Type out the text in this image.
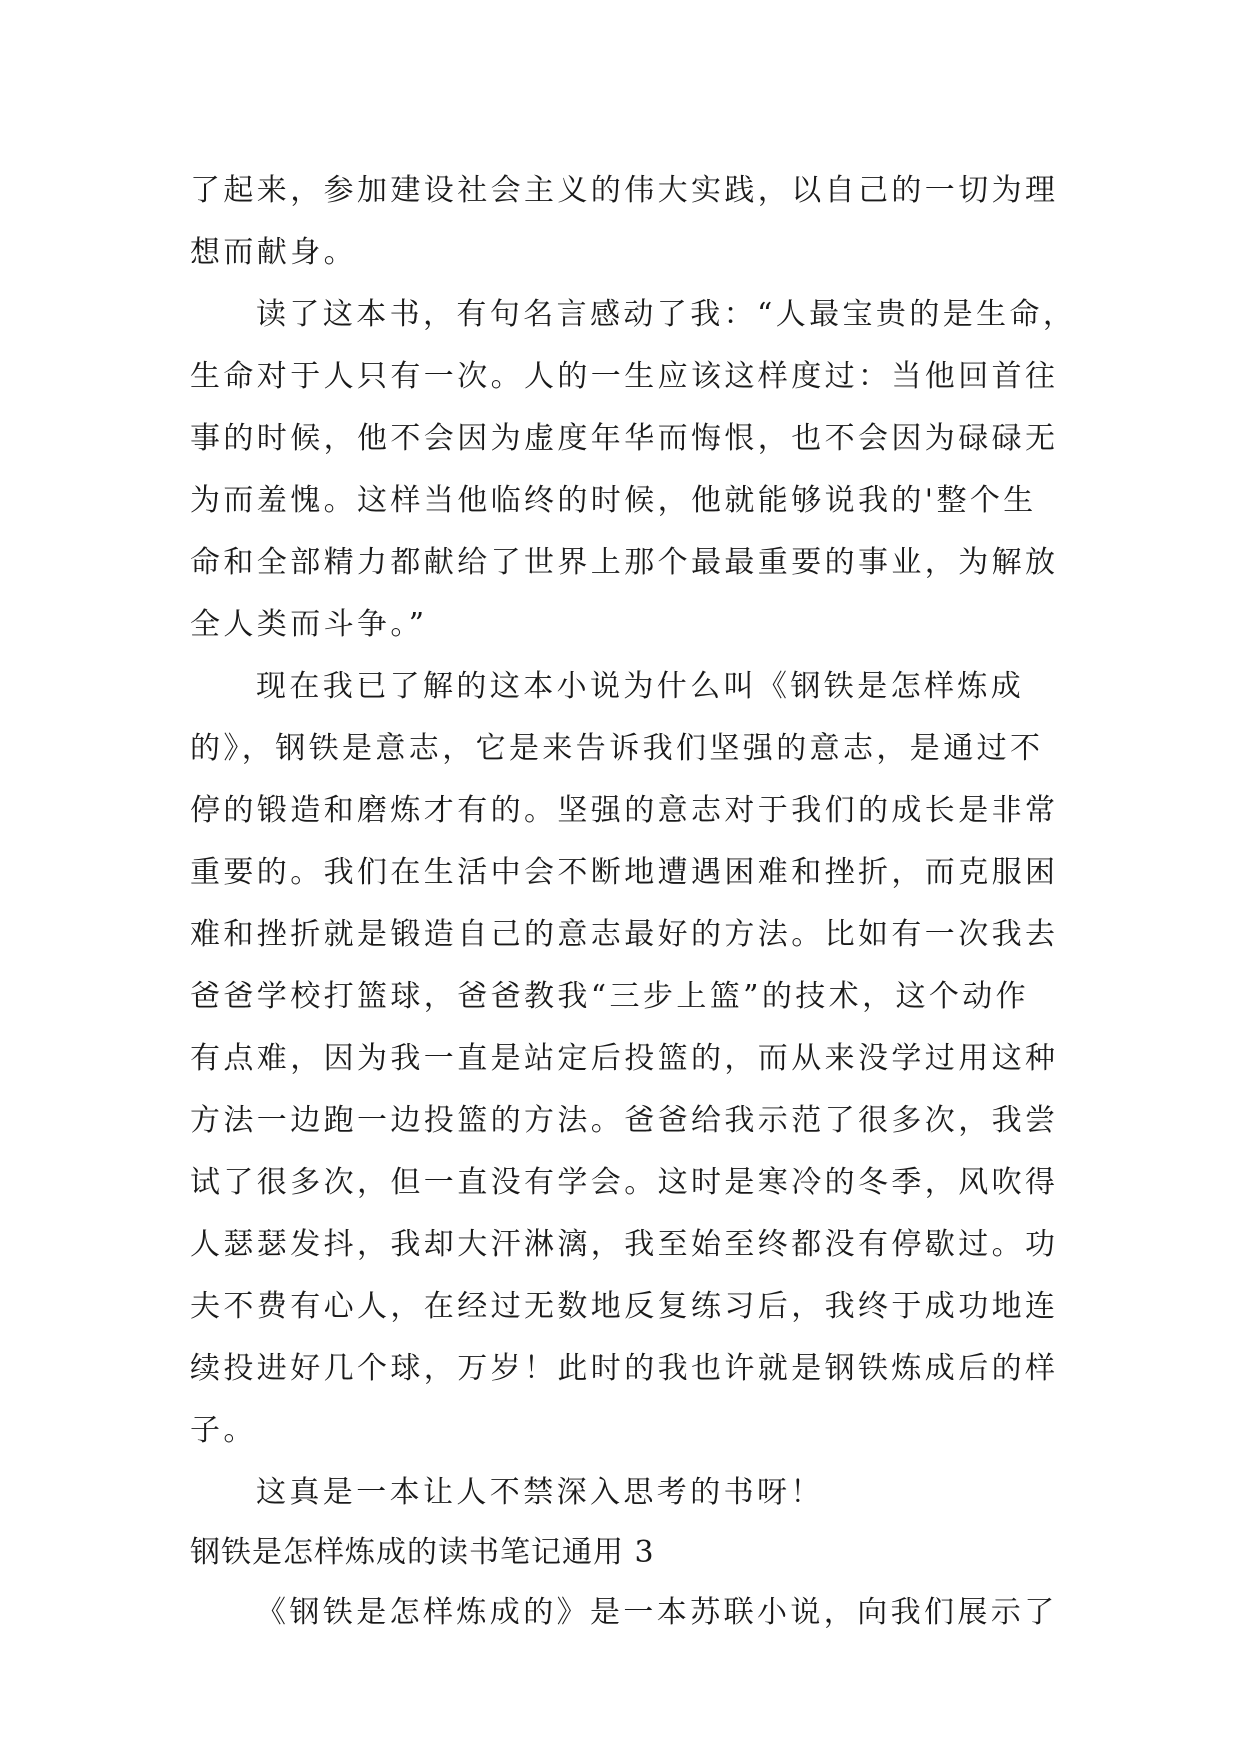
了起来，参加建设社会主义的伟大实践，以自己的一切为理
想而献身。
读了这本书，有句名言感动了我：“人最宝贵的是生命，
生命对于人只有一次。人的一生应该这样度过：当他回首往
事的时候，他不会因为虚度年华而悔恨，也不会因为碌碌无
为而羞愧。这样当他临终的时候，他就能够说我的'整个生
命和全部精力都献给了世界上那个最最重要的事业，为解放
全人类而斗争。”
现在我已了解的这本小说为什么叫《钢铁是怎样炼成
的》，钢铁是意志，它是来告诉我们坚强的意志，是通过不
停的锻造和磨炼才有的。坚强的意志对于我们的成长是非常
重要的。我们在生活中会不断地遭遇困难和挫折，而克服困
难和挫折就是锻造自己的意志最好的方法。比如有一次我去
爸爸学校打篮球，爸爸教我“三步上篮”的技术，这个动作
有点难，因为我一直是站定后投篮的，而从来没学过用这种
方法一边跑一边投篮的方法。爸爸给我示范了很多次，我尝
试了很多次，但一直没有学会。这时是寒冷的冬季，风吹得
人瑟瑟发抖，我却大汗淋漓，我至始至终都没有停歇过。功
夫不费有心人，在经过无数地反复练习后，我终于成功地连
续投进好几个球，万岁！此时的我也许就是钢铁炼成后的样
子。
这真是一本让人不禁深入思考的书呀！
钢铁是怎样炼成的读书笔记通用 3
《钢铁是怎样炼成的》是一本苏联小说，向我们展示了
